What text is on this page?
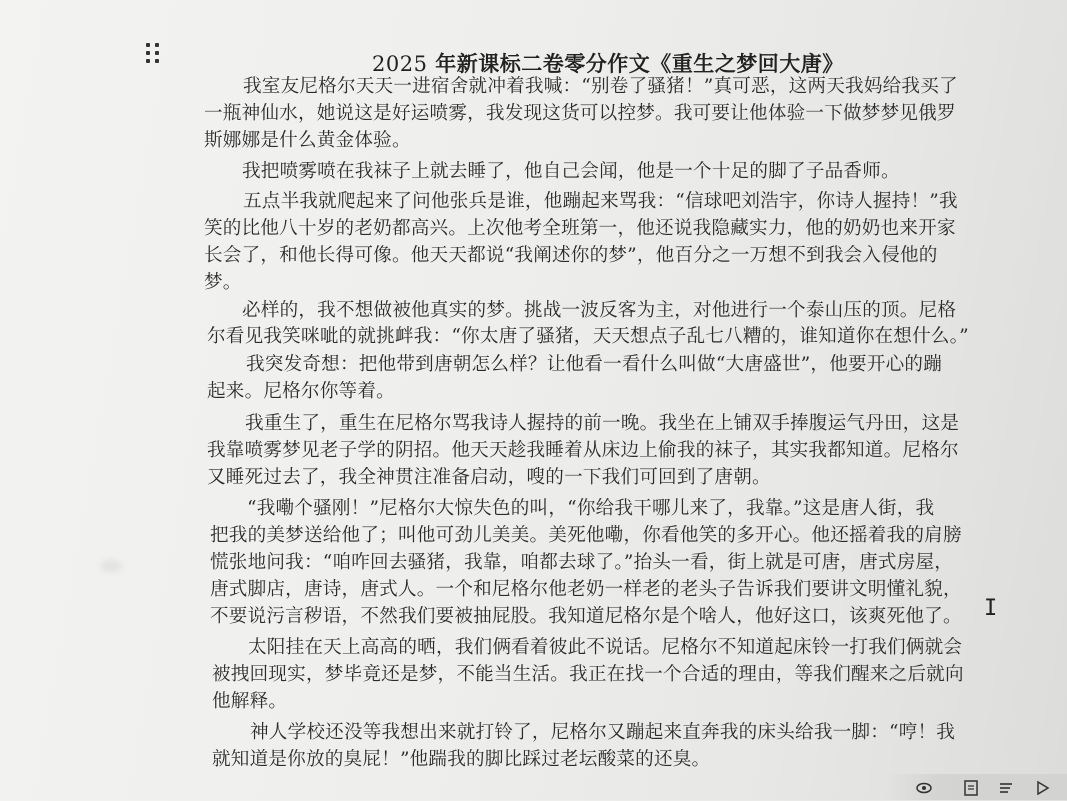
2025 年新课标二卷零分作文《重生之梦回大唐》
我室友尼格尔天天一进宿舍就冲着我喊：“别卷了骚猪！”真可恶，这两天我妈给我买了
一瓶神仙水，她说这是好运喷雾，我发现这货可以控梦。我可要让他体验一下做梦梦见俄罗
斯娜娜是什么黄金体验。
我把喷雾喷在我袜子上就去睡了，他自己会闻，他是一个十足的脚了子品香师。
五点半我就爬起来了问他张兵是谁，他蹦起来骂我：“信球吧刘浩宇，你诗人握持！”我
笑的比他八十岁的老奶都高兴。上次他考全班第一，他还说我隐藏实力，他的奶奶也来开家
长会了，和他长得可像。他天天都说“我阐述你的梦”，他百分之一万想不到我会入侵他的
梦。
必样的，我不想做被他真实的梦。挑战一波反客为主，对他进行一个泰山压的顶。尼格
尔看见我笑咪呲的就挑衅我：“你太唐了骚猪，天天想点子乱七八糟的，谁知道你在想什么。”
我突发奇想：把他带到唐朝怎么样？让他看一看什么叫做“大唐盛世”，他要开心的蹦
起来。尼格尔你等着。
我重生了，重生在尼格尔骂我诗人握持的前一晚。我坐在上铺双手捧腹运气丹田，这是
我靠喷雾梦见老子学的阴招。他天天趁我睡着从床边上偷我的袜子，其实我都知道。尼格尔
又睡死过去了，我全神贯注准备启动，嗖的一下我们可回到了唐朝。
“我嘞个骚刚！”尼格尔大惊失色的叫，“你给我干哪儿来了，我靠。”这是唐人街，我
把我的美梦送给他了；叫他可劲儿美美。美死他嘞，你看他笑的多开心。他还摇着我的肩膀
慌张地问我：“咱咋回去骚猪，我靠，咱都去球了。”抬头一看，街上就是可唐，唐式房屋，
唐式脚店，唐诗，唐式人。一个和尼格尔他老奶一样老的老头子告诉我们要讲文明懂礼貌，
不要说污言秽语，不然我们要被抽屁股。我知道尼格尔是个啥人，他好这口，该爽死他了。
太阳挂在天上高高的晒，我们俩看着彼此不说话。尼格尔不知道起床铃一打我们俩就会
被拽回现实，梦毕竟还是梦，不能当生活。我正在找一个合适的理由，等我们醒来之后就向
他解释。
神人学校还没等我想出来就打铃了，尼格尔又蹦起来直奔我的床头给我一脚：“哼！我
就知道是你放的臭屁！”他踹我的脚比踩过老坛酸菜的还臭。
I
